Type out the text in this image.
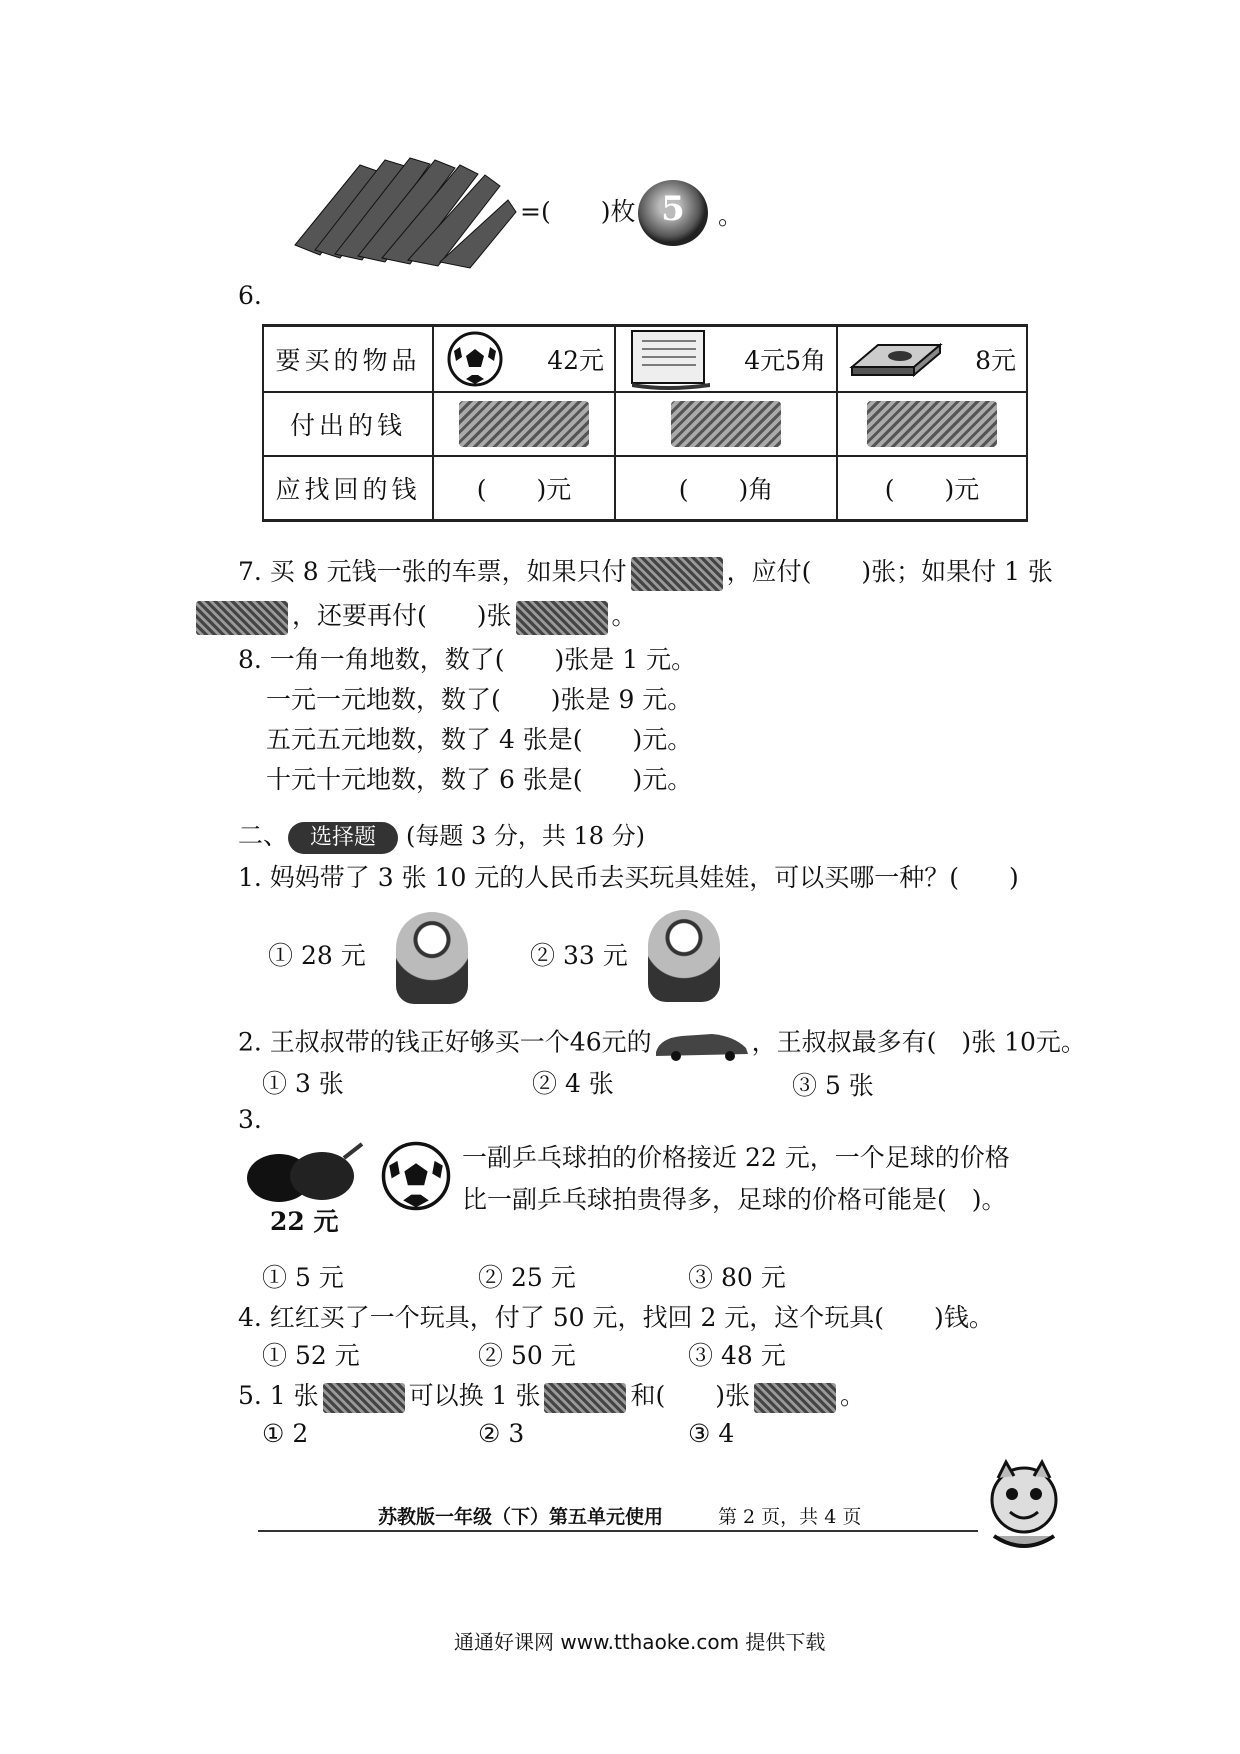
=(　　)枚 5	。
6.
要买的物品	42元	4元5角	8元

付出的钱	

应找回的钱	(　　)元	(　　)角	(　　)元
7. 买 8 元钱一张的车票，如果只付	，应付(　　)张；如果付 1 张
，还要再付(　　)张	。
8. 一角一角地数，数了(　　)张是 1 元。
一元一元地数，数了(　　)张是 9 元。
五元五元地数，数了 4 张是(　　)元。
十元十元地数，数了 6 张是(　　)元。
二、 选择题 (每题 3 分，共 18 分)
1. 妈妈带了 3 张 10 元的人民币去买玩具娃娃，可以买哪一种？(　　)
① 28 元	② 33 元
2. 王叔叔带的钱正好够买一个46元的	，王叔叔最多有(　)张 10元。
① 3 张	② 4 张	③ 5 张
3.
22 元
一副乒乓球拍的价格接近 22 元，一个足球的价格
比一副乒乓球拍贵得多，足球的价格可能是(　)。
① 5 元	② 25 元	③ 80 元
4. 红红买了一个玩具，付了 50 元，找回 2 元，这个玩具(　　)钱。
① 52 元	② 50 元	③ 48 元
5. 1 张	可以换 1 张	和(　　)张	。
① 2	② 3	③ 4
苏教版一年级（下）第五单元使用	第 2 页，共 4 页
通通好课网 www.tthaoke.com 提供下载
